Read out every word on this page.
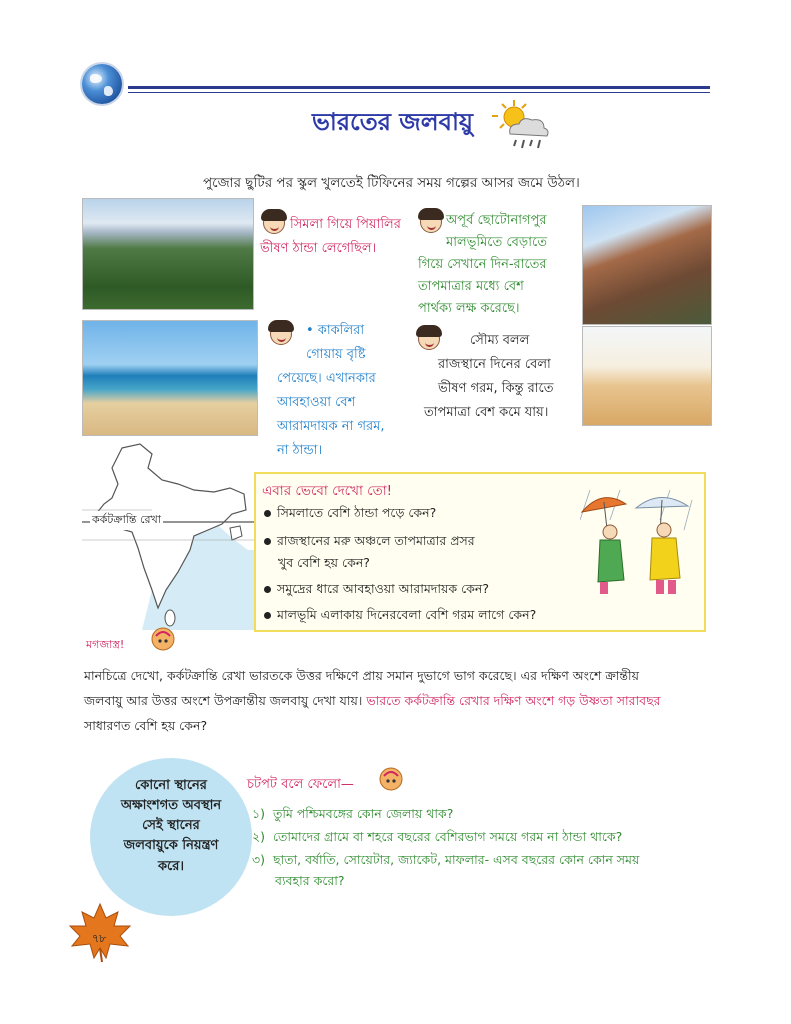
ভারতের জলবায়ু
পুজোর ছুটির পর স্কুল খুলতেই টিফিনের সময় গল্পের আসর জমে উঠল।
সিমলা গিয়ে পিয়ালির
ভীষণ ঠান্ডা লেগেছিল।
অপূর্ব ছোটোনাগপুর
মালভূমিতে বেড়াতে
গিয়ে সেখানে দিন-রাতের
তাপমাত্রার মধ্যে বেশ
পার্থক্য লক্ষ করেছে।
• কাকলিরা
গোয়ায় বৃষ্টি
পেয়েছে। এখানকার
আবহাওয়া বেশ
আরামদায়ক না গরম,
না ঠান্ডা।
সৌম্য বলল
রাজস্থানে দিনের বেলা
ভীষণ গরম, কিন্তু রাতে
তাপমাত্রা বেশ কমে যায়।
কর্কটক্রান্তি রেখা
এবার ভেবো দেখো তো!
সিমলাতে বেশি ঠান্ডা পড়ে কেন?
রাজস্থানের মরু অঞ্চলে তাপমাত্রার প্রসর
খুব বেশি হয় কেন?
সমুদ্রের ধারে আবহাওয়া আরামদায়ক কেন?
মালভূমি এলাকায় দিনেরবেলা বেশি গরম লাগে কেন?
মগজাস্ত্র!
মানচিত্রে দেখো, কর্কটক্রান্তি রেখা ভারতকে উত্তর দক্ষিণে প্রায় সমান দুভাগে ভাগ করেছে। এর দক্ষিণ অংশে ক্রান্তীয়
জলবায়ু আর উত্তর অংশে উপক্রান্তীয় জলবায়ু দেখা যায়। ভারতে কর্কটক্রান্তি রেখার দক্ষিণ অংশে গড় উষ্ণতা সারাবছর
সাধারণত বেশি হয় কেন?
কোনো স্থানের
অক্ষাংশগত অবস্থান
সেই স্থানের
জলবায়ুকে নিয়ন্ত্রণ
করে।
চটপট বলে ফেলো—
১) তুমি পশ্চিমবঙ্গের কোন জেলায় থাক?
২) তোমাদের গ্রামে বা শহরে বছরের বেশিরভাগ সময়ে গরম না ঠান্ডা থাকে?
৩) ছাতা, বর্ষাতি, সোয়েটার, জ্যাকেট, মাফলার- এসব বছরের কোন কোন সময়
ব্যবহার করো?
৭৮
